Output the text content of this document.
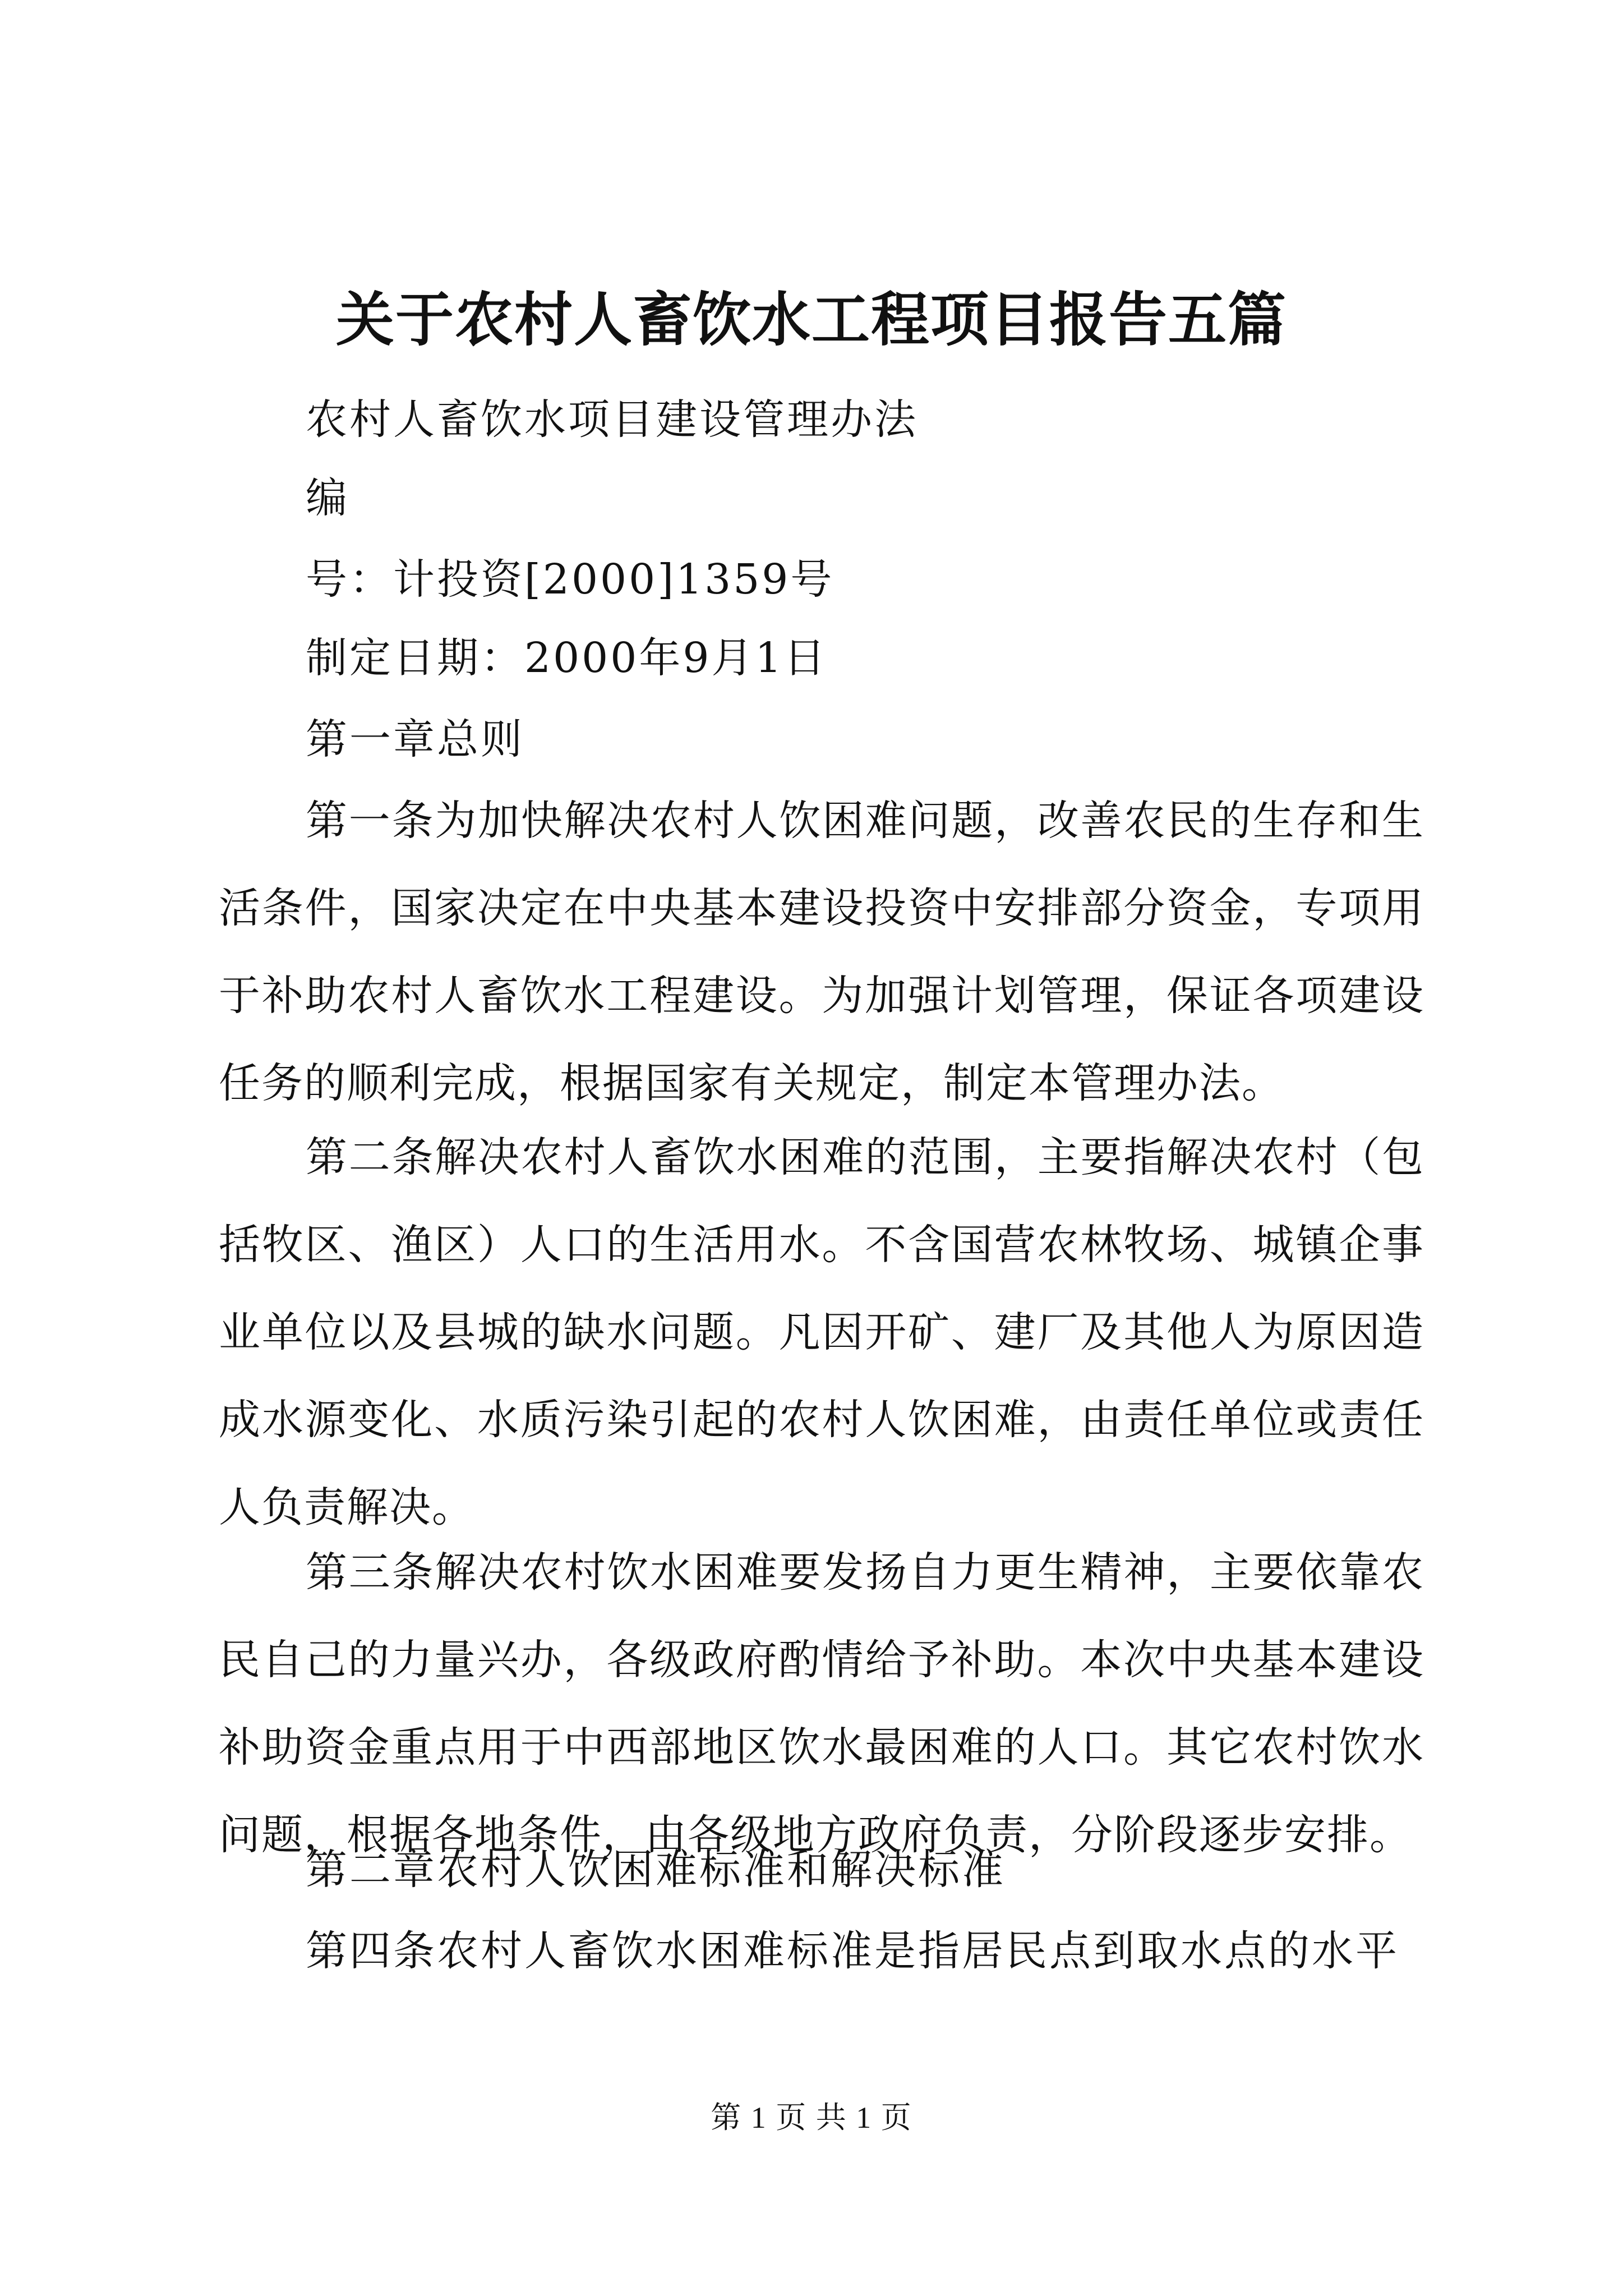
关于农村人畜饮水工程项目报告五篇

农村人畜饮水项目建设管理办法

编

号：计投资[2000]1359号

制定日期：2000年9月1日

第一章总则

第一条为加快解决农村人饮困难问题，改善农民的生存和生活条件，国家决定在中央基本建设投资中安排部分资金，专项用于补助农村人畜饮水工程建设。为加强计划管理，保证各项建设任务的顺利完成，根据国家有关规定，制定本管理办法。

第二条解决农村人畜饮水困难的范围，主要指解决农村（包括牧区、渔区）人口的生活用水。不含国营农林牧场、城镇企事业单位以及县城的缺水问题。凡因开矿、建厂及其他人为原因造成水源变化、水质污染引起的农村人饮困难，由责任单位或责任人负责解决。

第三条解决农村饮水困难要发扬自力更生精神，主要依靠农民自己的力量兴办，各级政府酌情给予补助。本次中央基本建设补助资金重点用于中西部地区饮水最困难的人口。其它农村饮水问题，根据各地条件，由各级地方政府负责，分阶段逐步安排。

第二章农村人饮困难标准和解决标准

第四条农村人畜饮水困难标准是指居民点到取水点的水平

第 1 页 共 1 页
